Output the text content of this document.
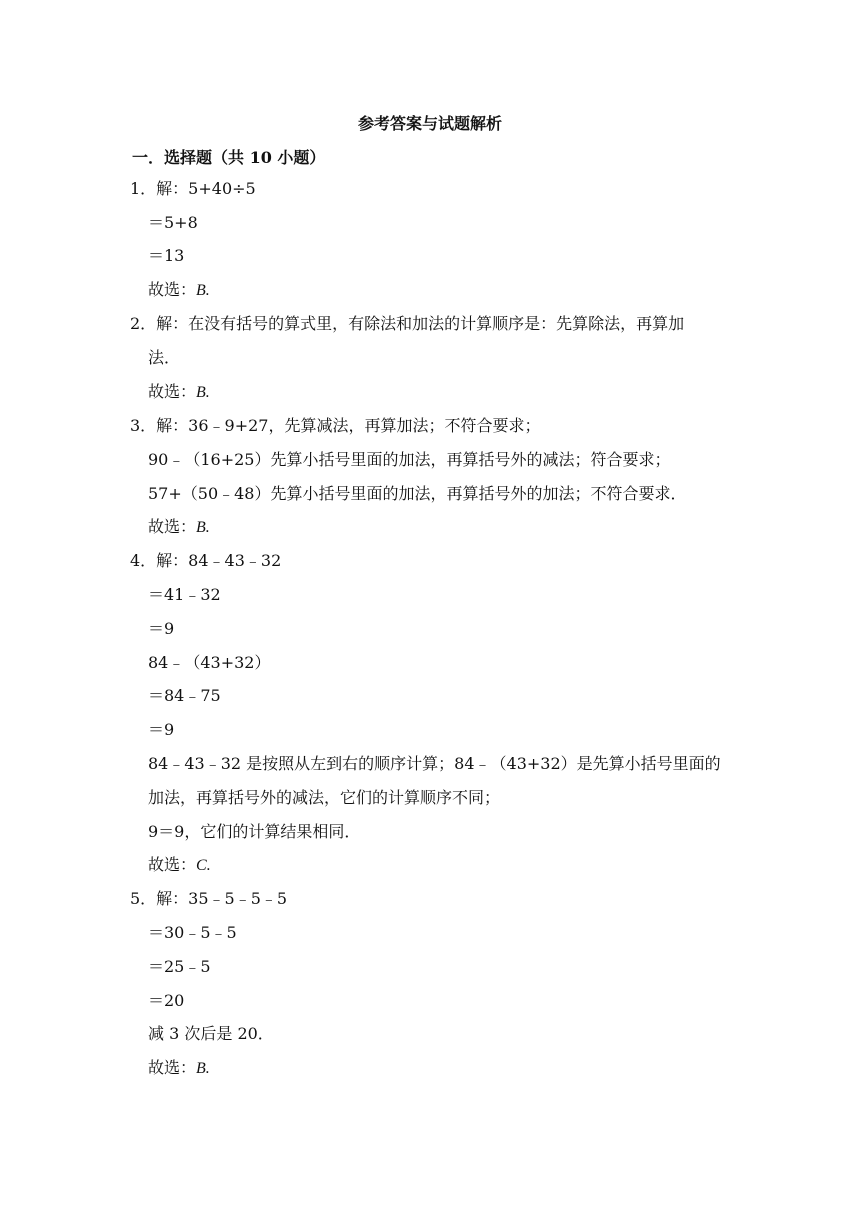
参考答案与试题解析
一．选择题（共 10 小题）
1．解：5+40÷5
＝5+8
＝13
故选：B.
2．解：在没有括号的算式里，有除法和加法的计算顺序是：先算除法，再算加
法．
故选：B.
3．解：36﹣9+27，先算减法，再算加法；不符合要求；
90﹣（16+25）先算小括号里面的加法，再算括号外的减法；符合要求；
57+（50﹣48）先算小括号里面的加法，再算括号外的加法；不符合要求．
故选：B.
4．解：84﹣43﹣32
＝41﹣32
＝9
84﹣（43+32）
＝84﹣75
＝9
84﹣43﹣32 是按照从左到右的顺序计算；84﹣（43+32）是先算小括号里面的
加法，再算括号外的减法，它们的计算顺序不同；
9＝9，它们的计算结果相同．
故选：C.
5．解：35﹣5﹣5﹣5
＝30﹣5﹣5
＝25﹣5
＝20
减 3 次后是 20．
故选：B.
